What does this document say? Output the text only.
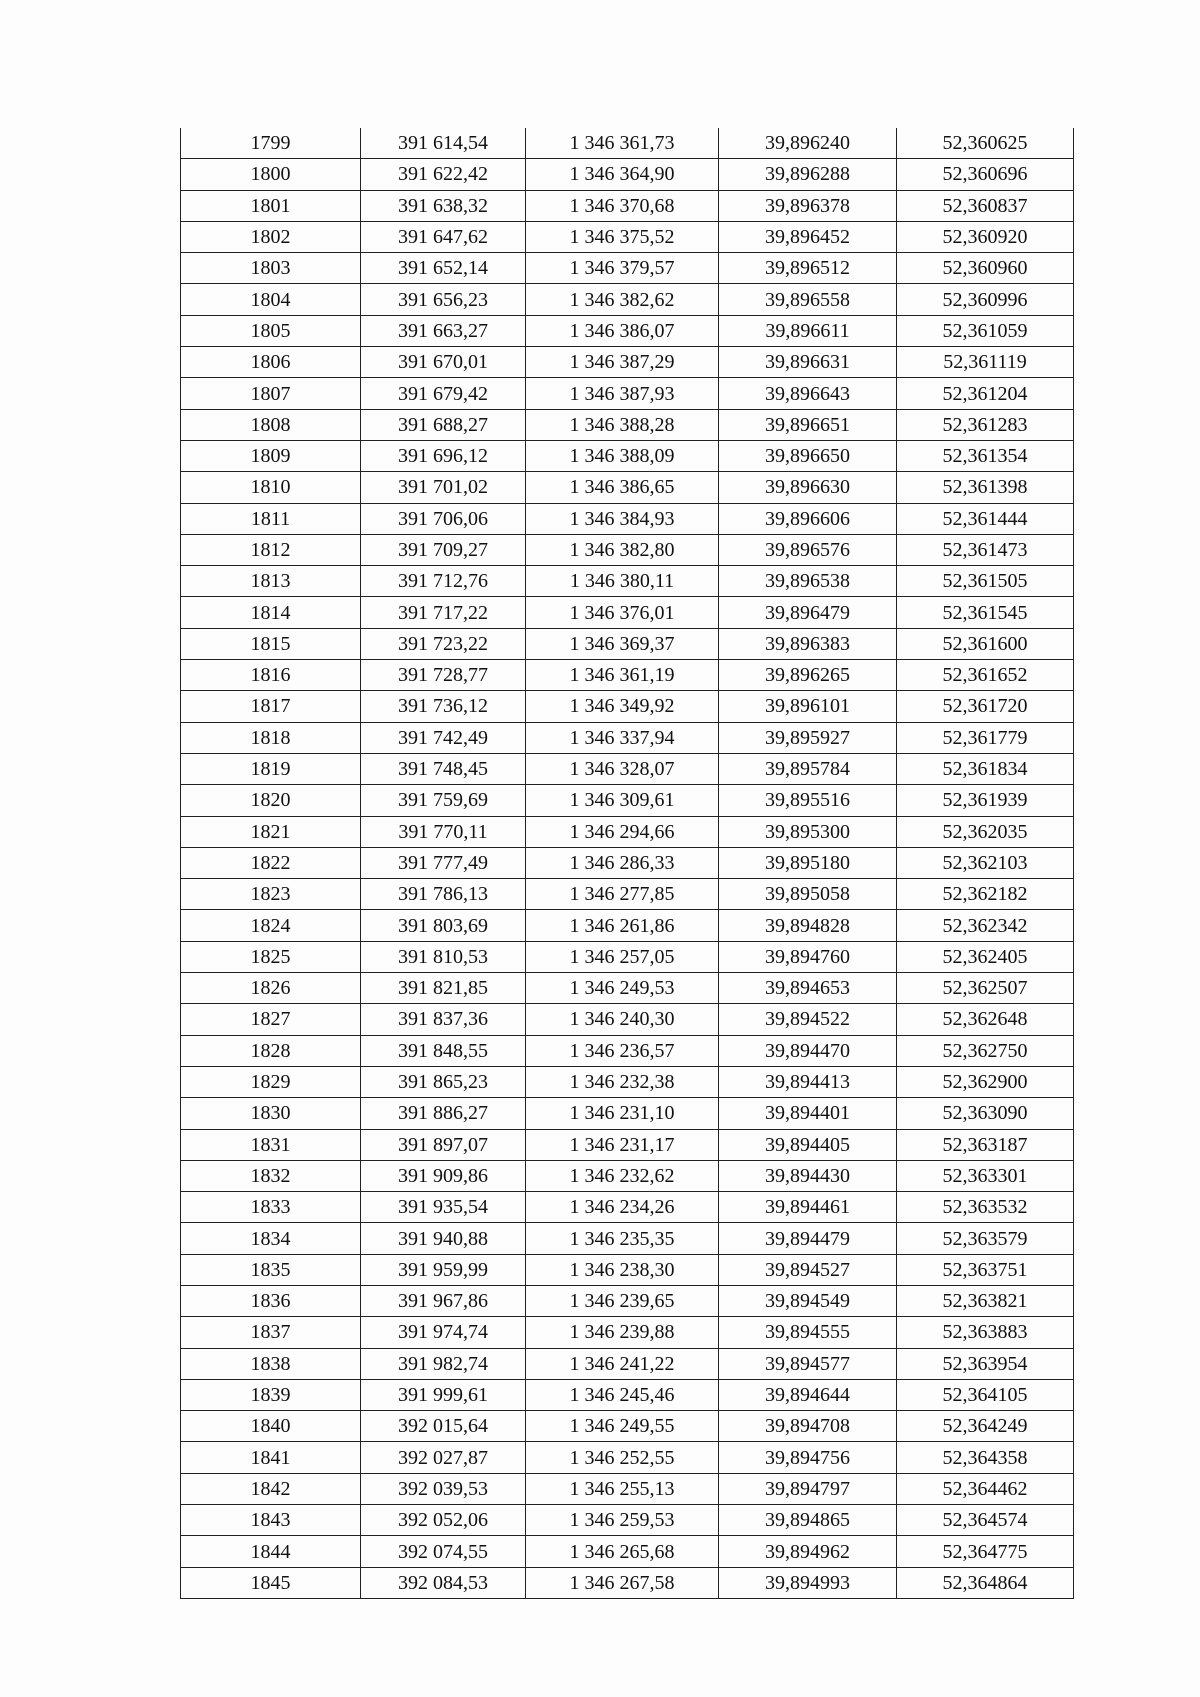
1799	391 614,54	1 346 361,73	39,896240	52,360625
1800	391 622,42	1 346 364,90	39,896288	52,360696
1801	391 638,32	1 346 370,68	39,896378	52,360837
1802	391 647,62	1 346 375,52	39,896452	52,360920
1803	391 652,14	1 346 379,57	39,896512	52,360960
1804	391 656,23	1 346 382,62	39,896558	52,360996
1805	391 663,27	1 346 386,07	39,896611	52,361059
1806	391 670,01	1 346 387,29	39,896631	52,361119
1807	391 679,42	1 346 387,93	39,896643	52,361204
1808	391 688,27	1 346 388,28	39,896651	52,361283
1809	391 696,12	1 346 388,09	39,896650	52,361354
1810	391 701,02	1 346 386,65	39,896630	52,361398
1811	391 706,06	1 346 384,93	39,896606	52,361444
1812	391 709,27	1 346 382,80	39,896576	52,361473
1813	391 712,76	1 346 380,11	39,896538	52,361505
1814	391 717,22	1 346 376,01	39,896479	52,361545
1815	391 723,22	1 346 369,37	39,896383	52,361600
1816	391 728,77	1 346 361,19	39,896265	52,361652
1817	391 736,12	1 346 349,92	39,896101	52,361720
1818	391 742,49	1 346 337,94	39,895927	52,361779
1819	391 748,45	1 346 328,07	39,895784	52,361834
1820	391 759,69	1 346 309,61	39,895516	52,361939
1821	391 770,11	1 346 294,66	39,895300	52,362035
1822	391 777,49	1 346 286,33	39,895180	52,362103
1823	391 786,13	1 346 277,85	39,895058	52,362182
1824	391 803,69	1 346 261,86	39,894828	52,362342
1825	391 810,53	1 346 257,05	39,894760	52,362405
1826	391 821,85	1 346 249,53	39,894653	52,362507
1827	391 837,36	1 346 240,30	39,894522	52,362648
1828	391 848,55	1 346 236,57	39,894470	52,362750
1829	391 865,23	1 346 232,38	39,894413	52,362900
1830	391 886,27	1 346 231,10	39,894401	52,363090
1831	391 897,07	1 346 231,17	39,894405	52,363187
1832	391 909,86	1 346 232,62	39,894430	52,363301
1833	391 935,54	1 346 234,26	39,894461	52,363532
1834	391 940,88	1 346 235,35	39,894479	52,363579
1835	391 959,99	1 346 238,30	39,894527	52,363751
1836	391 967,86	1 346 239,65	39,894549	52,363821
1837	391 974,74	1 346 239,88	39,894555	52,363883
1838	391 982,74	1 346 241,22	39,894577	52,363954
1839	391 999,61	1 346 245,46	39,894644	52,364105
1840	392 015,64	1 346 249,55	39,894708	52,364249
1841	392 027,87	1 346 252,55	39,894756	52,364358
1842	392 039,53	1 346 255,13	39,894797	52,364462
1843	392 052,06	1 346 259,53	39,894865	52,364574
1844	392 074,55	1 346 265,68	39,894962	52,364775
1845	392 084,53	1 346 267,58	39,894993	52,364864
